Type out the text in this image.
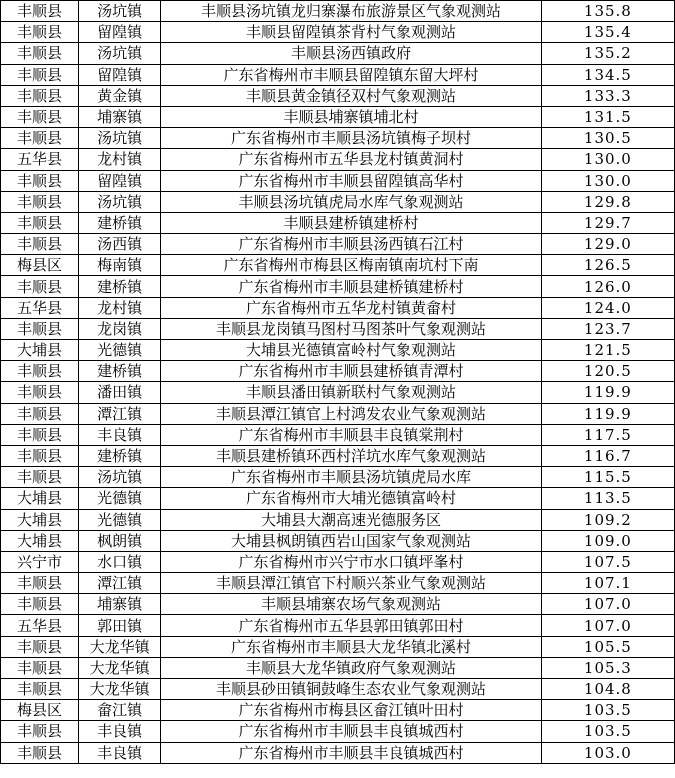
丰顺县	汤坑镇	丰顺县汤坑镇龙归寨瀑布旅游景区气象观测站	135.8
丰顺县	留隍镇	丰顺县留隍镇茶背村气象观测站	135.4
丰顺县	汤坑镇	丰顺县汤西镇政府	135.2
丰顺县	留隍镇	广东省梅州市丰顺县留隍镇东留大坪村	134.5
丰顺县	黄金镇	丰顺县黄金镇径双村气象观测站	133.3
丰顺县	埔寨镇	丰顺县埔寨镇埔北村	131.5
丰顺县	汤坑镇	广东省梅州市丰顺县汤坑镇梅子坝村	130.5
五华县	龙村镇	广东省梅州市五华县龙村镇黄洞村	130.0
丰顺县	留隍镇	广东省梅州市丰顺县留隍镇高华村	130.0
丰顺县	汤坑镇	丰顺县汤坑镇虎局水库气象观测站	129.8
丰顺县	建桥镇	丰顺县建桥镇建桥村	129.7
丰顺县	汤西镇	广东省梅州市丰顺县汤西镇石江村	129.0
梅县区	梅南镇	广东省梅州市梅县区梅南镇南坑村下南	126.5
丰顺县	建桥镇	广东省梅州市丰顺县建桥镇建桥村	126.0
五华县	龙村镇	广东省梅州市五华龙村镇黄畲村	124.0
丰顺县	龙岗镇	丰顺县龙岗镇马图村马图茶叶气象观测站	123.7
大埔县	光德镇	大埔县光德镇富岭村气象观测站	121.5
丰顺县	建桥镇	广东省梅州市丰顺县建桥镇青潭村	120.5
丰顺县	潘田镇	丰顺县潘田镇新联村气象观测站	119.9
丰顺县	潭江镇	丰顺县潭江镇官上村鸿发农业气象观测站	119.9
丰顺县	丰良镇	广东省梅州市丰顺县丰良镇棠荆村	117.5
丰顺县	建桥镇	丰顺县建桥镇环西村洋坑水库气象观测站	116.7
丰顺县	汤坑镇	广东省梅州市丰顺县汤坑镇虎局水库	115.5
大埔县	光德镇	广东省梅州市大埔光德镇富岭村	113.5
大埔县	光德镇	大埔县大潮高速光德服务区	109.2
大埔县	枫朗镇	大埔县枫朗镇西岩山国家气象观测站	109.0
兴宁市	水口镇	广东省梅州市兴宁市水口镇坪峯村	107.5
丰顺县	潭江镇	丰顺县潭江镇官下村顺兴茶业气象观测站	107.1
丰顺县	埔寨镇	丰顺县埔寨农场气象观测站	107.0
五华县	郭田镇	广东省梅州市五华县郭田镇郭田村	107.0
丰顺县	大龙华镇	广东省梅州市丰顺县大龙华镇北溪村	105.5
丰顺县	大龙华镇	丰顺县大龙华镇政府气象观测站	105.3
丰顺县	大龙华镇	丰顺县砂田镇铜鼓峰生态农业气象观测站	104.8
梅县区	畲江镇	广东省梅州市梅县区畲江镇叶田村	103.5
丰顺县	丰良镇	广东省梅州市丰顺县丰良镇城西村	103.5
丰顺县	丰良镇	广东省梅州市丰顺县丰良镇城西村	103.0
